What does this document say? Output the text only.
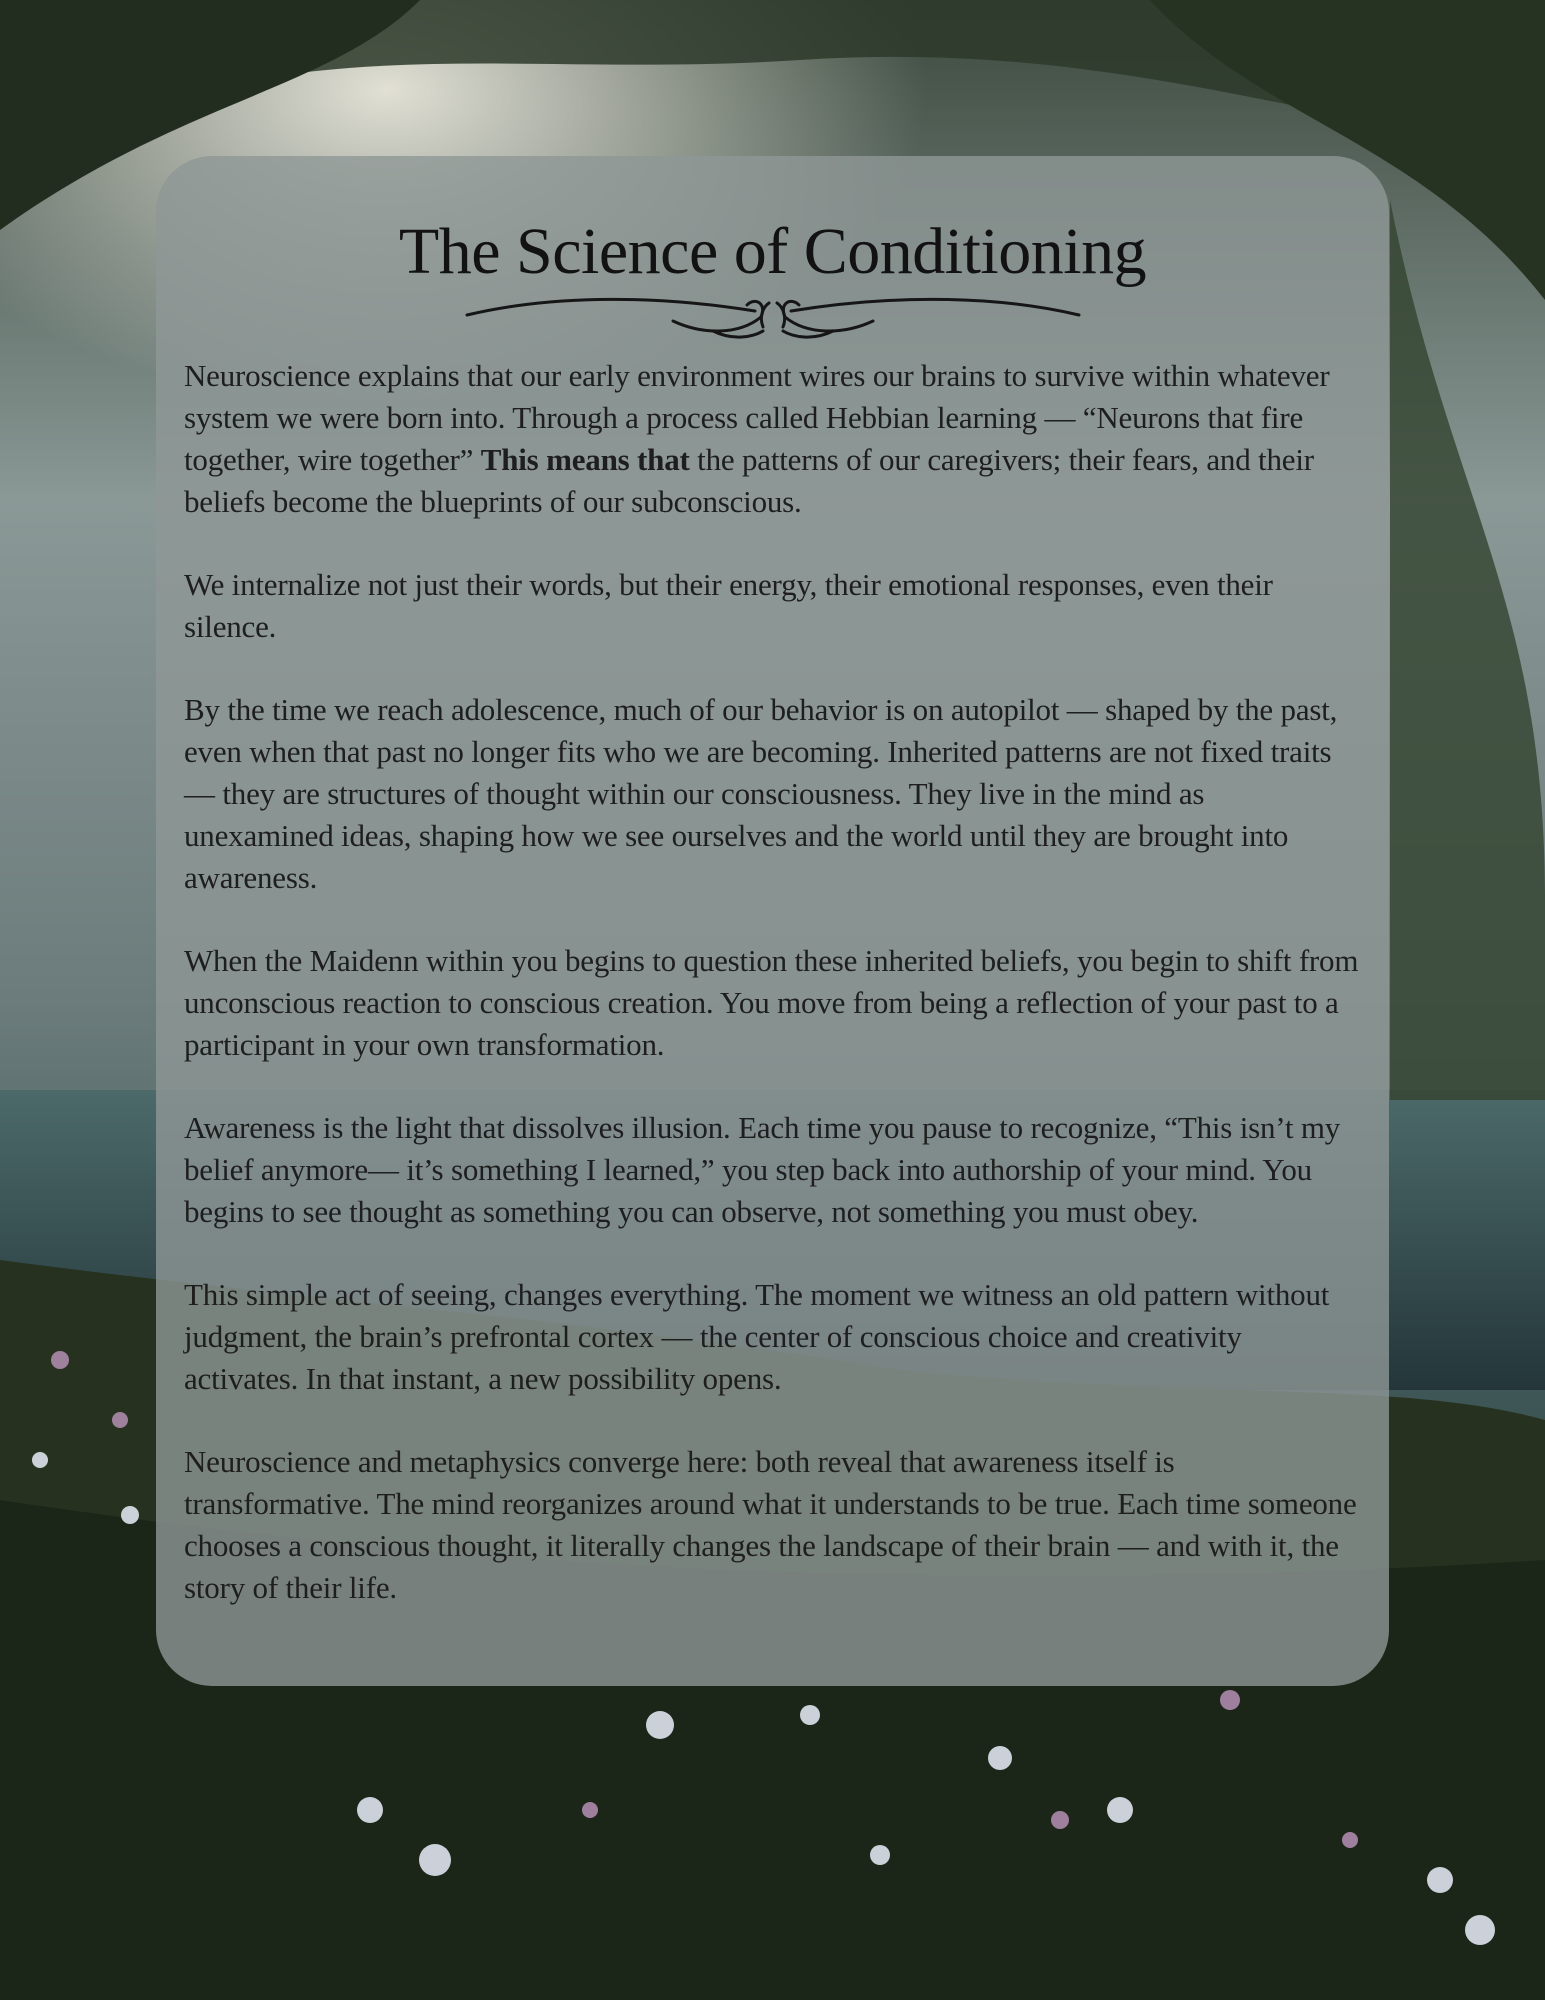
The Science of Conditioning

Neuroscience explains that our early environment wires our brains to survive within whatever system we were born into. Through a process called Hebbian learning — “Neurons that fire together, wire together” This means that the patterns of our caregivers; their fears, and their beliefs become the blueprints of our subconscious.

We internalize not just their words, but their energy, their emotional responses, even their silence.

By the time we reach adolescence, much of our behavior is on autopilot — shaped by the past, even when that past no longer fits who we are becoming. Inherited patterns are not fixed traits — they are structures of thought within our consciousness. They live in the mind as unexamined ideas, shaping how we see ourselves and the world until they are brought into awareness.

When the Maidenn within you begins to question these inherited beliefs, you begin to shift from unconscious reaction to conscious creation. You move from being a reflection of your past to a participant in your own transformation.

Awareness is the light that dissolves illusion. Each time you pause to recognize, “This isn’t my belief anymore— it’s something I learned,” you step back into authorship of your mind. You begins to see thought as something you can observe, not something you must obey.

This simple act of seeing, changes everything. The moment we witness an old pattern without judgment, the brain’s prefrontal cortex — the center of conscious choice and creativity activates. In that instant, a new possibility opens.

Neuroscience and metaphysics converge here: both reveal that awareness itself is transformative. The mind reorganizes around what it understands to be true. Each time someone chooses a conscious thought, it literally changes the landscape of their brain — and with it, the story of their life.
